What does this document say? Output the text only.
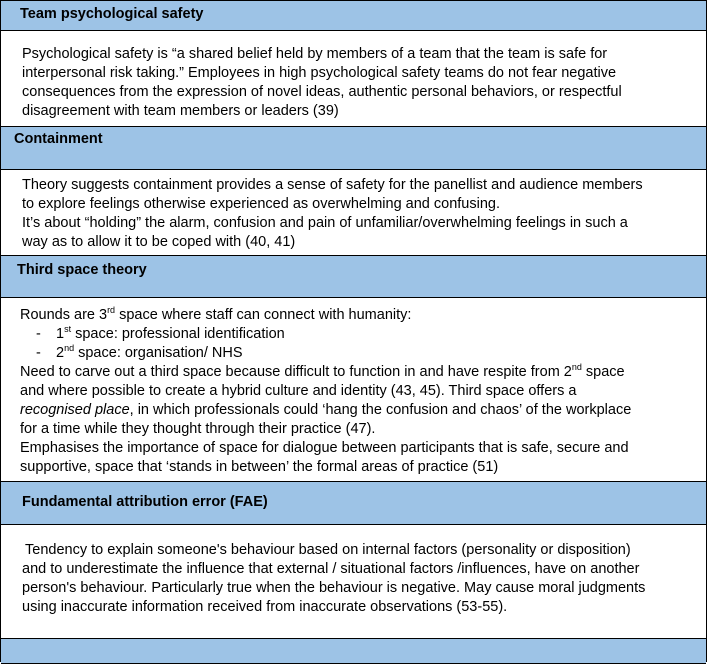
Team psychological safety
Psychological safety is “a shared belief held by members of a team that the team is safe for
interpersonal risk taking.” Employees in high psychological safety teams do not fear negative
consequences from the expression of novel ideas, authentic personal behaviors, or respectful
disagreement with team members or leaders (39)
Containment
Theory suggests containment provides a sense of safety for the panellist and audience members
to explore feelings otherwise experienced as overwhelming and confusing.
It’s about “holding” the alarm, confusion and pain of unfamiliar/overwhelming feelings in such a
way as to allow it to be coped with (40, 41)
Third space theory
Rounds are 3rd space where staff can connect with humanity:
- 1st space: professional identification
- 2nd space: organisation/ NHS
Need to carve out a third space because difficult to function in and have respite from 2nd space
and where possible to create a hybrid culture and identity (43, 45). Third space offers a
recognised place, in which professionals could ‘hang the confusion and chaos’ of the workplace
for a time while they thought through their practice (47).
Emphasises the importance of space for dialogue between participants that is safe, secure and
supportive, space that ‘stands in between’ the formal areas of practice (51)
Fundamental attribution error (FAE)
Tendency to explain someone's behaviour based on internal factors (personality or disposition)
and to underestimate the influence that external / situational factors /influences, have on another
person's behaviour. Particularly true when the behaviour is negative. May cause moral judgments
using inaccurate information received from inaccurate observations (53-55).
